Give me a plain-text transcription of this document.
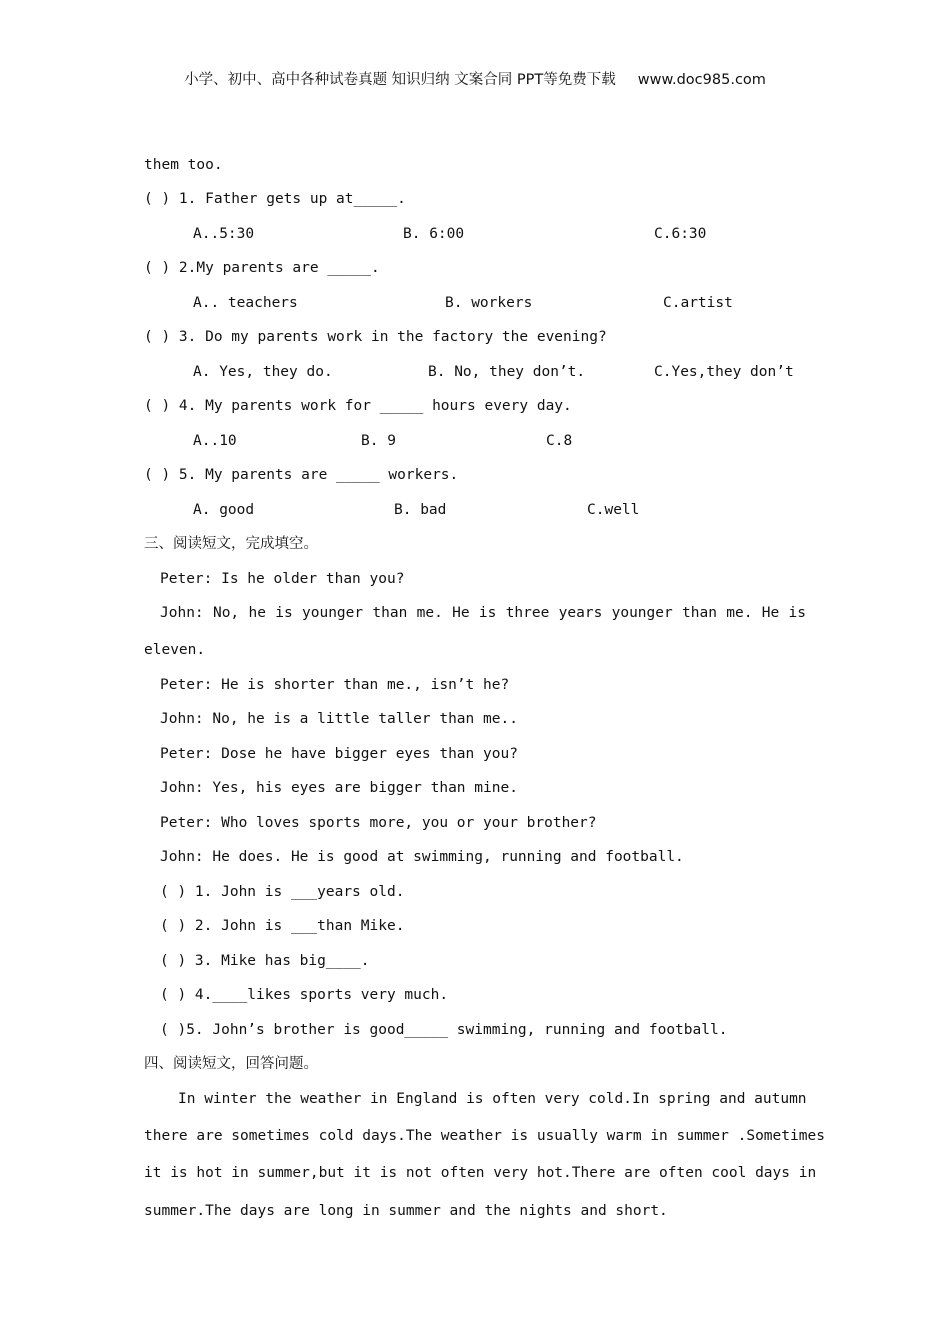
小学、初中、高中各种试卷真题 知识归纳 文案合同 PPT等免费下载 www.doc985.com
them too.
( ) 1. Father gets up at_____.
A..5:30	B. 6:00	C.6:30
( ) 2.My parents are _____.
A.. teachers	B. workers	C.artist
( ) 3. Do my parents work in the factory the evening?
A. Yes, they do.	B. No, they don’t.	C.Yes,they don’t
( ) 4. My parents work for _____ hours every day.
A..10	B. 9	C.8
( ) 5. My parents are _____ workers.
A. good	B. bad	C.well
三、阅读短文，完成填空。
Peter: Is he older than you?
John: No, he is younger than me. He is three years younger than me. He is
eleven.
Peter: He is shorter than me., isn’t he?
John: No, he is a little taller than me..
Peter: Dose he have bigger eyes than you?
John: Yes, his eyes are bigger than mine.
Peter: Who loves sports more, you or your brother?
John: He does. He is good at swimming, running and football.
( ) 1. John is ___years old.
( ) 2. John is ___than Mike.
( ) 3. Mike has big____.
( ) 4.____likes sports very much.
( )5. John’s brother is good_____ swimming, running and football.
四、阅读短文，回答问题。
In winter the weather in England is often very cold.In spring and autumn
there are sometimes cold days.The weather is usually warm in summer .Sometimes
it is hot in summer,but it is not often very hot.There are often cool days in
summer.The days are long in summer and the nights and short.
